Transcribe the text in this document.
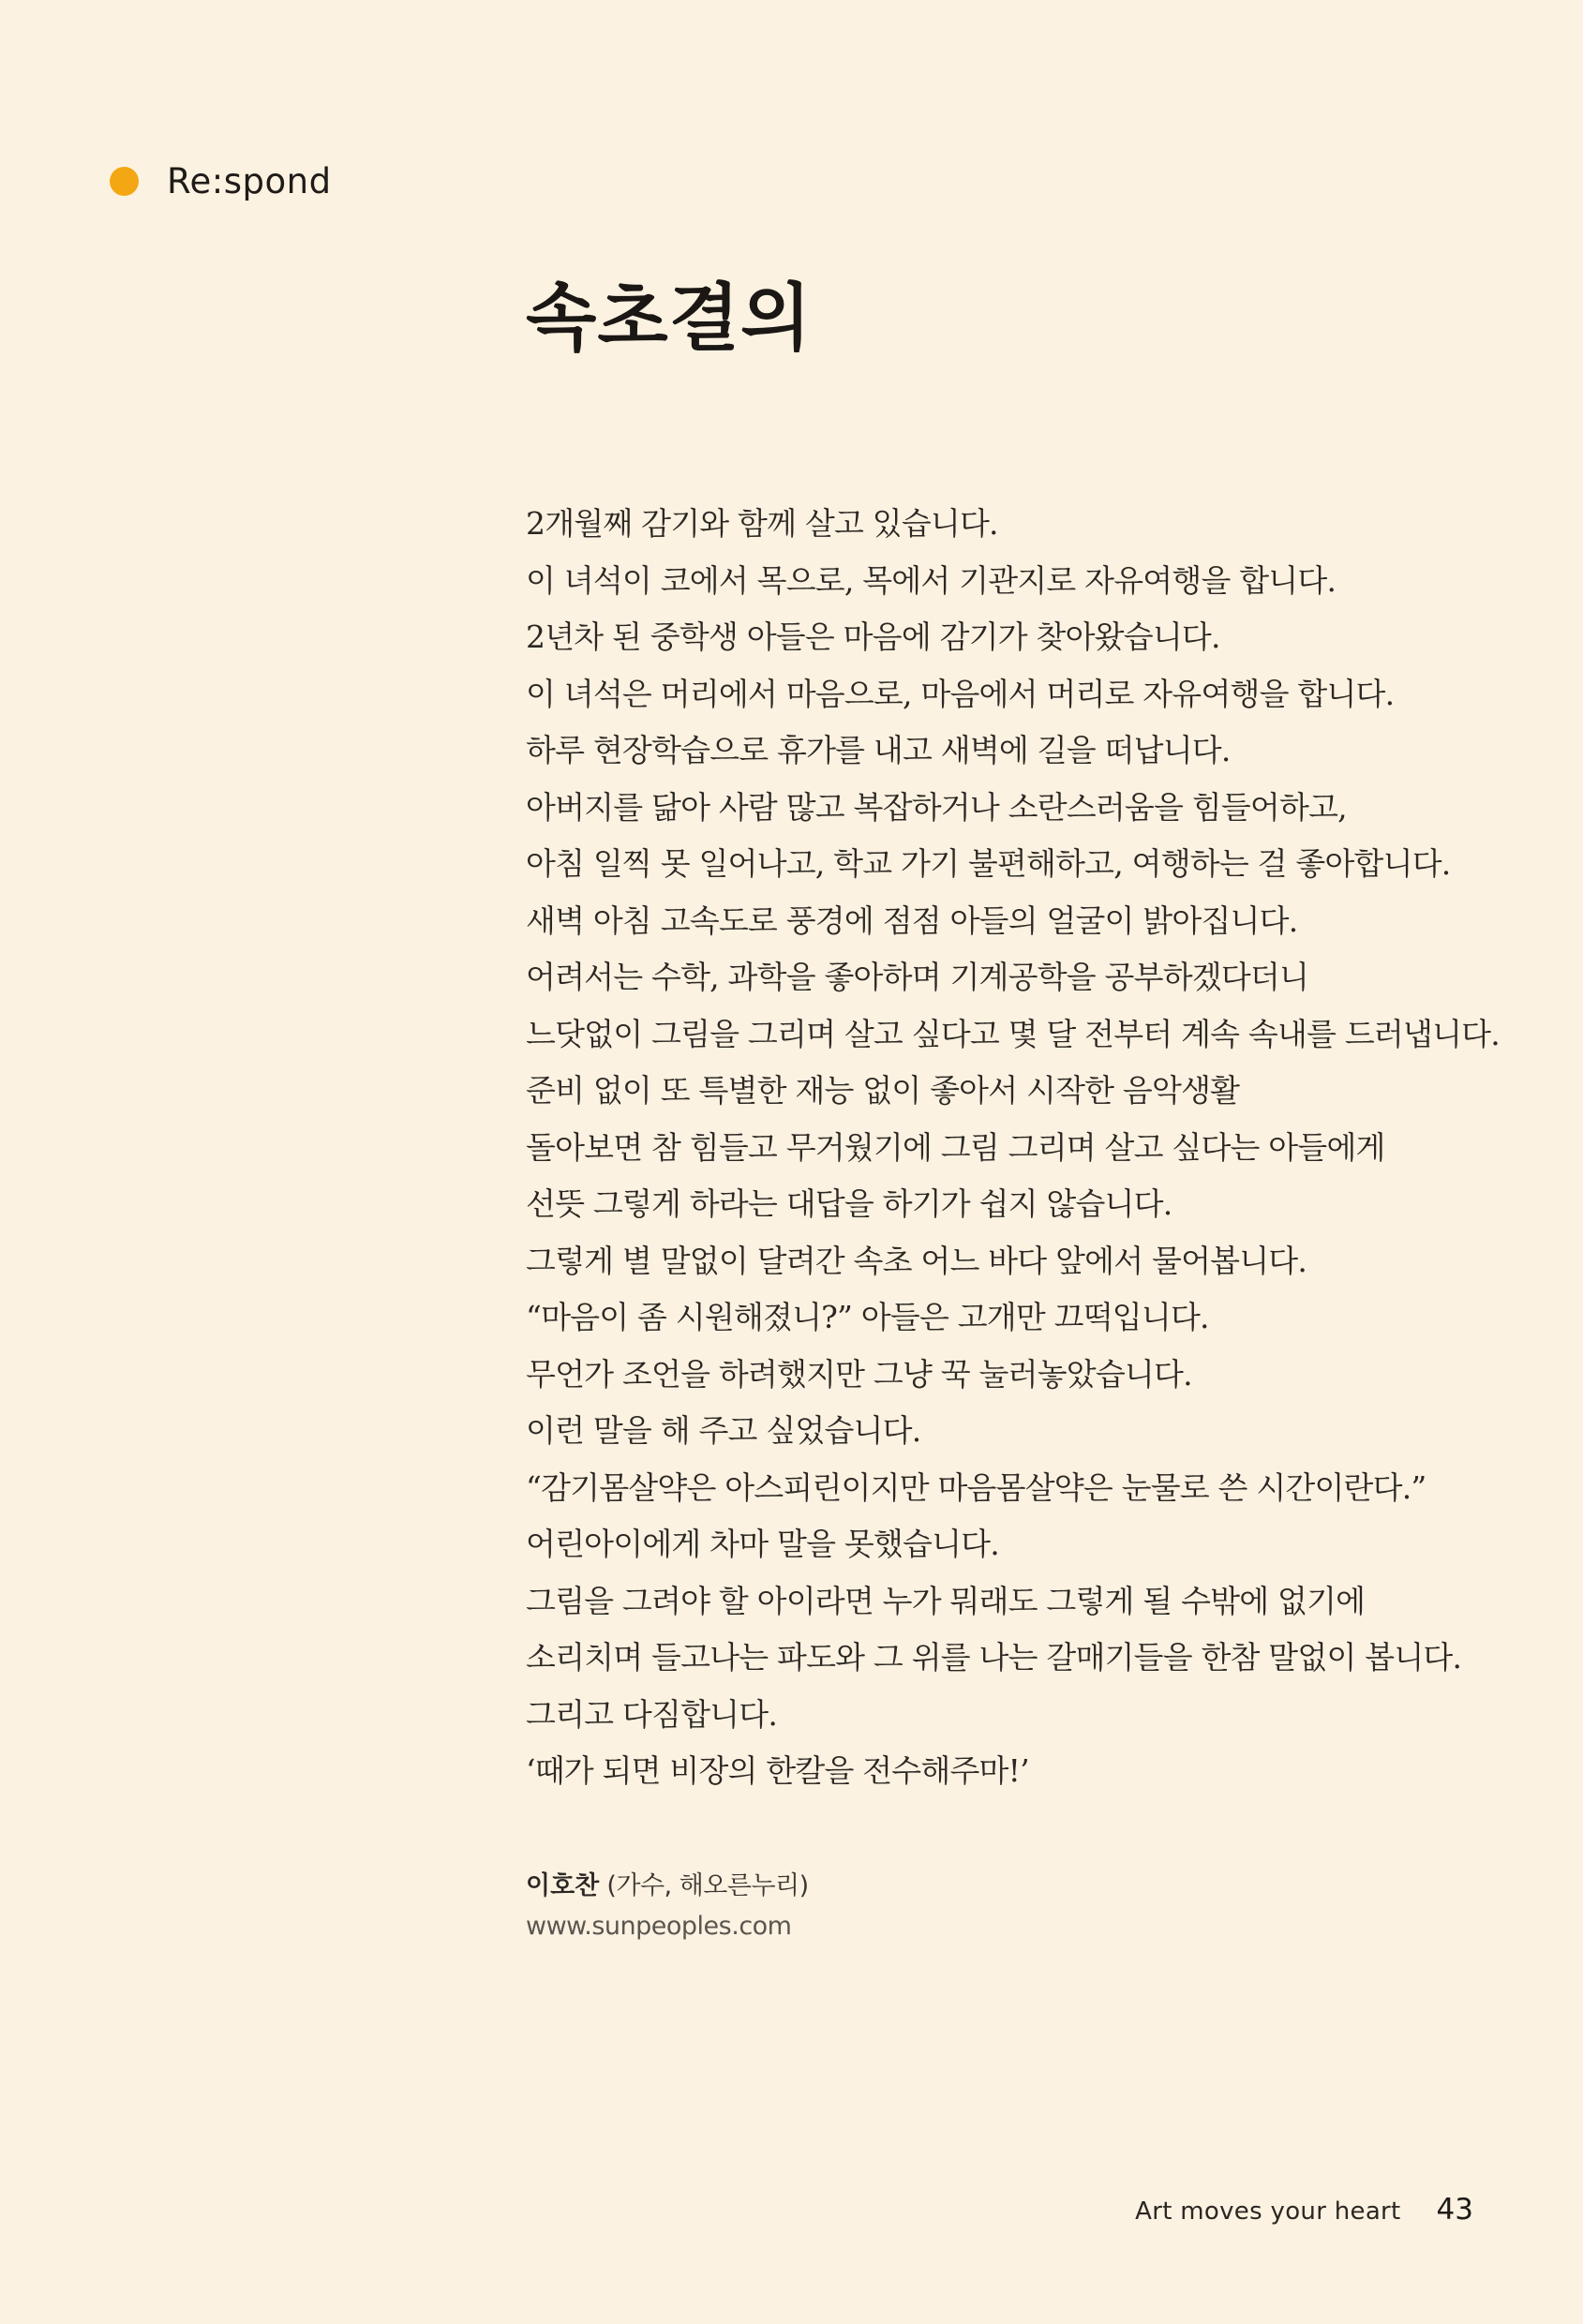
Re:spond
속초결의
2개월째 감기와 함께 살고 있습니다.
이 녀석이 코에서 목으로, 목에서 기관지로 자유여행을 합니다.
2년차 된 중학생 아들은 마음에 감기가 찾아왔습니다.
이 녀석은 머리에서 마음으로, 마음에서 머리로 자유여행을 합니다.
하루 현장학습으로 휴가를 내고 새벽에 길을 떠납니다.
아버지를 닮아 사람 많고 복잡하거나 소란스러움을 힘들어하고,
아침 일찍 못 일어나고, 학교 가기 불편해하고, 여행하는 걸 좋아합니다.
새벽 아침 고속도로 풍경에 점점 아들의 얼굴이 밝아집니다.
어려서는 수학, 과학을 좋아하며 기계공학을 공부하겠다더니
느닷없이 그림을 그리며 살고 싶다고 몇 달 전부터 계속 속내를 드러냅니다.
준비 없이 또 특별한 재능 없이 좋아서 시작한 음악생활
돌아보면 참 힘들고 무거웠기에 그림 그리며 살고 싶다는 아들에게
선뜻 그렇게 하라는 대답을 하기가 쉽지 않습니다.
그렇게 별 말없이 달려간 속초 어느 바다 앞에서 물어봅니다.
“마음이 좀 시원해졌니?” 아들은 고개만 끄떡입니다.
무언가 조언을 하려했지만 그냥 꾹 눌러놓았습니다.
이런 말을 해 주고 싶었습니다.
“감기몸살약은 아스피린이지만 마음몸살약은 눈물로 쓴 시간이란다.”
어린아이에게 차마 말을 못했습니다.
그림을 그려야 할 아이라면 누가 뭐래도 그렇게 될 수밖에 없기에
소리치며 들고나는 파도와 그 위를 나는 갈매기들을 한참 말없이 봅니다.
그리고 다짐합니다.
‘때가 되면 비장의 한칼을 전수해주마!’
이호찬 (가수, 해오른누리)
www.sunpeoples.com
Art moves your heart 43
